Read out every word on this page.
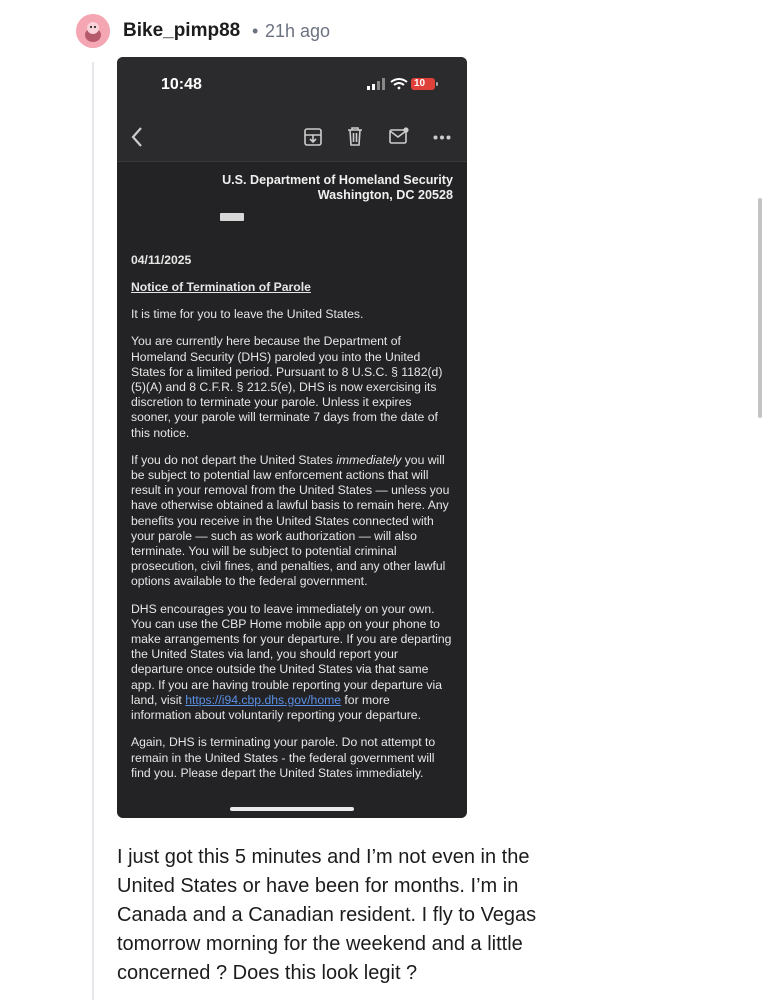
Bike_pimp88 • 21h ago
10:48	10
U.S. Department of Homeland Security
Washington, DC 20528
04/11/2025
Notice of Termination of Parole

It is time for you to leave the United States.

You are currently here because the Department of Homeland Security (DHS) paroled you into the United States for a limited period. Pursuant to 8 U.S.C. § 1182(d)(5)(A) and 8 C.F.R. § 212.5(e), DHS is now exercising its discretion to terminate your parole. Unless it expires sooner, your parole will terminate 7 days from the date of this notice.

If you do not depart the United States immediately you will be subject to potential law enforcement actions that will result in your removal from the United States — unless you have otherwise obtained a lawful basis to remain here. Any benefits you receive in the United States connected with your parole — such as work authorization — will also terminate. You will be subject to potential criminal prosecution, civil fines, and penalties, and any other lawful options available to the federal government.

DHS encourages you to leave immediately on your own. You can use the CBP Home mobile app on your phone to make arrangements for your departure. If you are departing the United States via land, you should report your departure once outside the United States via that same app. If you are having trouble reporting your departure via land, visit https://i94.cbp.dhs.gov/home for more information about voluntarily reporting your departure.

Again, DHS is terminating your parole. Do not attempt to remain in the United States - the federal government will find you. Please depart the United States immediately.

I just got this 5 minutes and I’m not even in the United States or have been for months. I’m in Canada and a Canadian resident. I fly to Vegas tomorrow morning for the weekend and a little concerned ? Does this look legit ?
